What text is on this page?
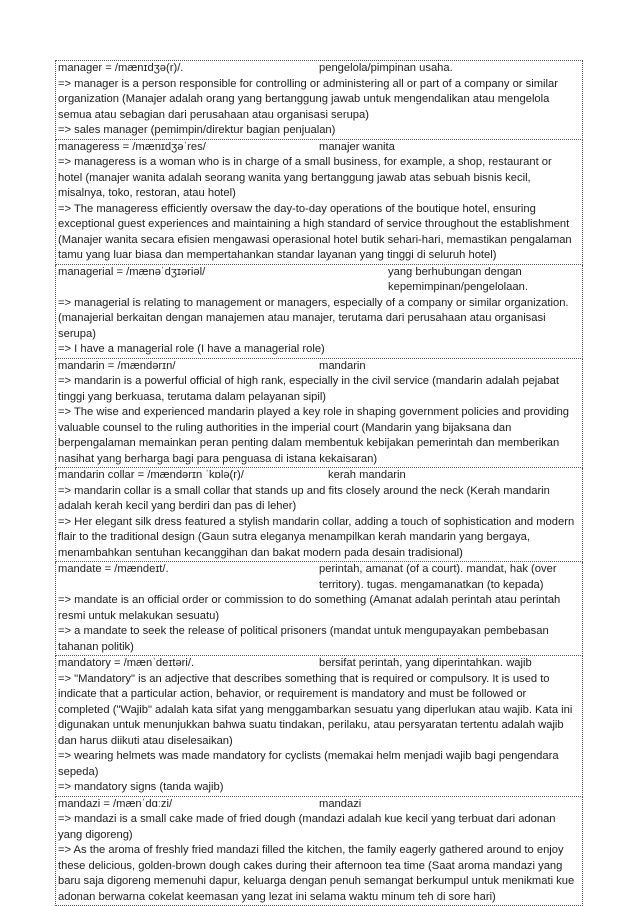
manager = /mænɪdʒə(r)/.	pengelola/pimpinan usaha.
=> manager is a person responsible for controlling or administering all or part of a company or similar organization (Manajer adalah orang yang bertanggung jawab untuk mengendalikan atau mengelola semua atau sebagian dari perusahaan atau organisasi serupa)
=> sales manager (pemimpin/direktur bagian penjualan)
manageress = /mænɪdʒəˈres/	manajer wanita
=> manageress is a woman who is in charge of a small business, for example, a shop, restaurant or hotel (manajer wanita adalah seorang wanita yang bertanggung jawab atas sebuah bisnis kecil, misalnya, toko, restoran, atau hotel)
=> The manageress efficiently oversaw the day-to-day operations of the boutique hotel, ensuring exceptional guest experiences and maintaining a high standard of service throughout the establishment (Manajer wanita secara efisien mengawasi operasional hotel butik sehari-hari, memastikan pengalaman tamu yang luar biasa dan mempertahankan standar layanan yang tinggi di seluruh hotel)
managerial = /mænəˈdʒɪəriəl/	yang berhubungan dengan kepemimpinan/pengelolaan.
=> managerial is relating to management or managers, especially of a company or similar organization. (manajerial berkaitan dengan manajemen atau manajer, terutama dari perusahaan atau organisasi serupa)
=> I have a managerial role (I have a managerial role)
mandarin = /mændərɪn/	mandarin
=> mandarin is a powerful official of high rank, especially in the civil service (mandarin adalah pejabat tinggi yang berkuasa, terutama dalam pelayanan sipil)
=> The wise and experienced mandarin played a key role in shaping government policies and providing valuable counsel to the ruling authorities in the imperial court (Mandarin yang bijaksana dan berpengalaman memainkan peran penting dalam membentuk kebijakan pemerintah dan memberikan nasihat yang berharga bagi para penguasa di istana kekaisaran)
mandarin collar = /mændərɪn ˈkɒlə(r)/	kerah mandarin
=> mandarin collar is a small collar that stands up and fits closely around the neck (Kerah mandarin adalah kerah kecil yang berdiri dan pas di leher)
=> Her elegant silk dress featured a stylish mandarin collar, adding a touch of sophistication and modern flair to the traditional design (Gaun sutra eleganya menampilkan kerah mandarin yang bergaya, menambahkan sentuhan kecanggihan dan bakat modern pada desain tradisional)
mandate = /mændeɪt/.	perintah, amanat (of a court). mandat, hak (over territory). tugas. mengamanatkan (to kepada)
=> mandate is an official order or commission to do something (Amanat adalah perintah atau perintah resmi untuk melakukan sesuatu)
=> a mandate to seek the release of political prisoners (mandat untuk mengupayakan pembebasan tahanan politik)
mandatory = /mænˈdeɪtəri/.	bersifat perintah, yang diperintahkan. wajib
=> "Mandatory" is an adjective that describes something that is required or compulsory. It is used to indicate that a particular action, behavior, or requirement is mandatory and must be followed or completed ("Wajib" adalah kata sifat yang menggambarkan sesuatu yang diperlukan atau wajib. Kata ini digunakan untuk menunjukkan bahwa suatu tindakan, perilaku, atau persyaratan tertentu adalah wajib dan harus diikuti atau diselesaikan)
=> wearing helmets was made mandatory for cyclists (memakai helm menjadi wajib bagi pengendara sepeda)
=> mandatory signs (tanda wajib)
mandazi = /mænˈdɑːzi/	mandazi
=> mandazi is a small cake made of fried dough (mandazi adalah kue kecil yang terbuat dari adonan yang digoreng)
=> As the aroma of freshly fried mandazi filled the kitchen, the family eagerly gathered around to enjoy these delicious, golden-brown dough cakes during their afternoon tea time (Saat aroma mandazi yang baru saja digoreng memenuhi dapur, keluarga dengan penuh semangat berkumpul untuk menikmati kue adonan berwarna cokelat keemasan yang lezat ini selama waktu minum teh di sore hari)
